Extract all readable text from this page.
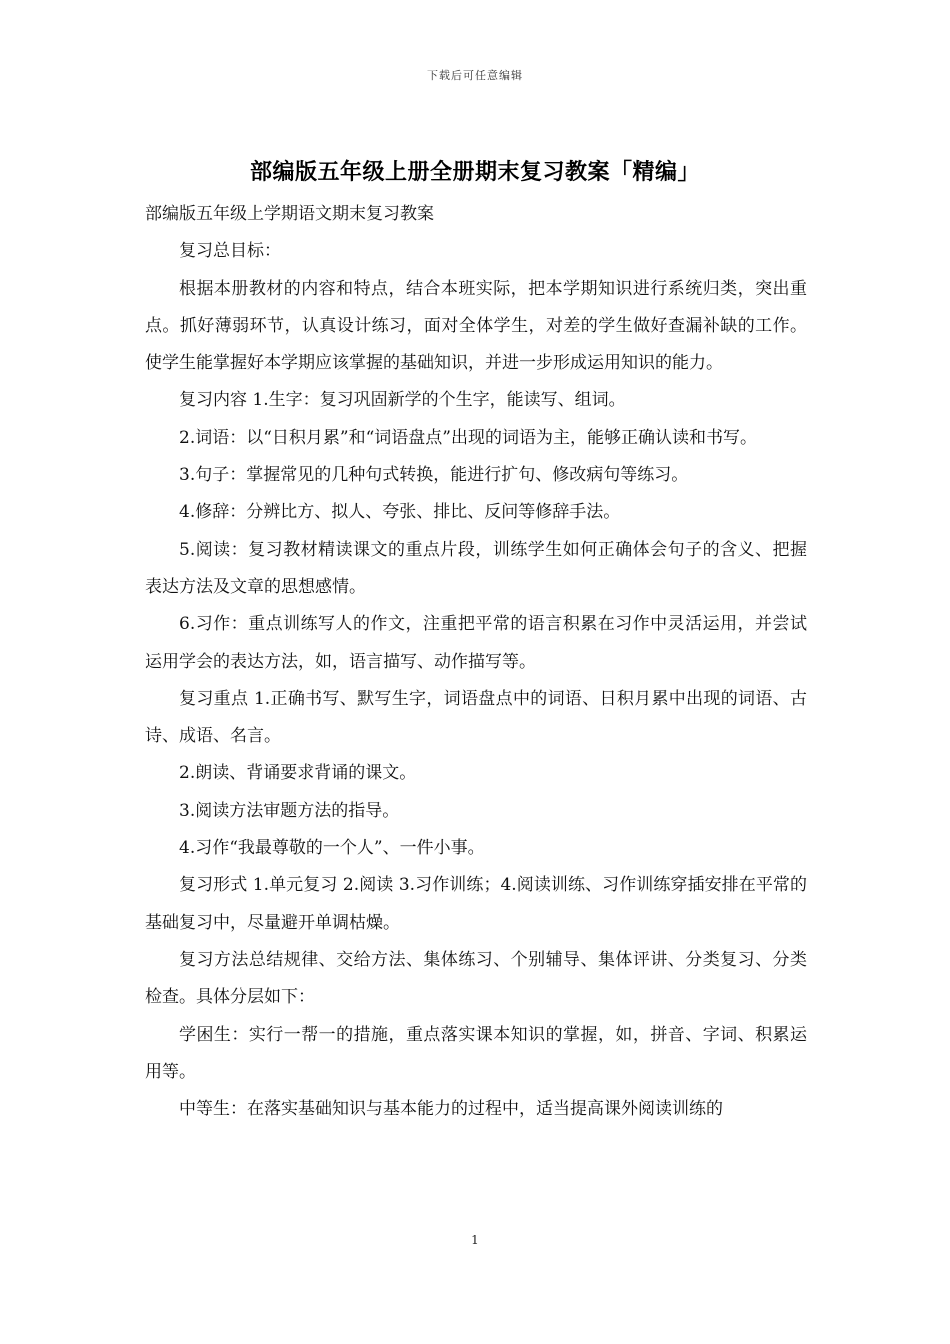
下载后可任意编辑
部编版五年级上册全册期末复习教案「精编」

部编版五年级上学期语文期末复习教案

复习总目标：

根据本册教材的内容和特点，结合本班实际，把本学期知识进行系统归类，突出重点。抓好薄弱环节，认真设计练习，面对全体学生，对差的学生做好查漏补缺的工作。使学生能掌握好本学期应该掌握的基础知识，并进一步形成运用知识的能力。

复习内容 1.生字：复习巩固新学的个生字，能读写、组词。

2.词语：以“日积月累”和“词语盘点”出现的词语为主，能够正确认读和书写。

3.句子：掌握常见的几种句式转换，能进行扩句、修改病句等练习。

4.修辞：分辨比方、拟人、夸张、排比、反问等修辞手法。

5.阅读：复习教材精读课文的重点片段，训练学生如何正确体会句子的含义、把握表达方法及文章的思想感情。

6.习作：重点训练写人的作文，注重把平常的语言积累在习作中灵活运用，并尝试运用学会的表达方法，如，语言描写、动作描写等。

复习重点 1.正确书写、默写生字，词语盘点中的词语、日积月累中出现的词语、古诗、成语、名言。

2.朗读、背诵要求背诵的课文。

3.阅读方法审题方法的指导。

4.习作“我最尊敬的一个人”、一件小事。

复习形式 1.单元复习 2.阅读 3.习作训练；4.阅读训练、习作训练穿插安排在平常的基础复习中，尽量避开单调枯燥。

复习方法总结规律、交给方法、集体练习、个别辅导、集体评讲、分类复习、分类检查。具体分层如下：

学困生：实行一帮一的措施，重点落实课本知识的掌握，如，拼音、字词、积累运用等。

中等生：在落实基础知识与基本能力的过程中，适当提高课外阅读训练的

1
